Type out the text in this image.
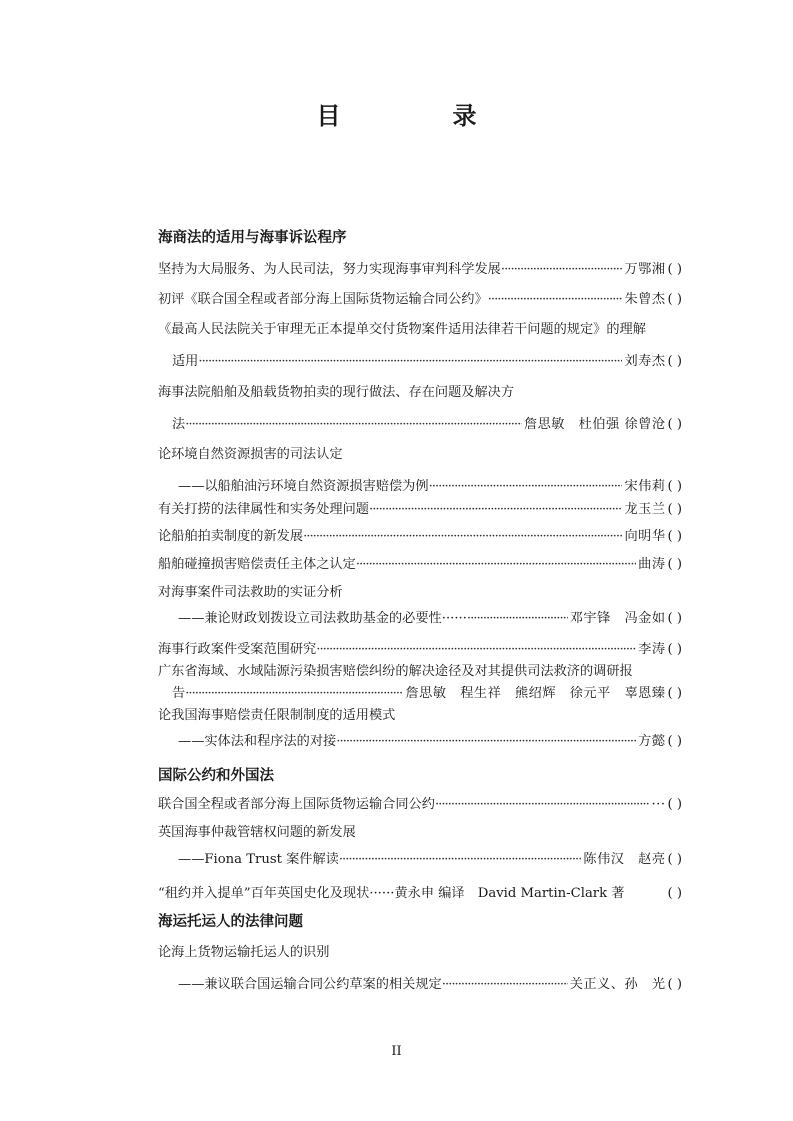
目　录
海商法的适用与海事诉讼程序
坚持为大局服务、为人民司法，努力实现海事审判科学发展 ·····	万鄂湘 ( )
初评《联合国全程或者部分海上国际货物运输合同公约》 ·····	朱曾杰 ( )
《最高人民法院关于审理无正本提单交付货物案件适用法律若干问题的规定》的理解
适用 ·····	刘寿杰 ( )
海事法院船舶及船载货物拍卖的现行做法、存在问题及解决方
法 ·····	詹思敏　杜伯强 徐曾沧 ( )
论环境自然资源损害的司法认定
——以船舶油污环境自然资源损害赔偿为例 ·····	宋伟莉 ( )
有关打捞的法律属性和实务处理问题 ·····	龙玉兰 ( )
论船舶拍卖制度的新发展 ·····	向明华 ( )
船舶碰撞损害赔偿责任主体之认定 ·····	曲涛 ( )
对海事案件司法救助的实证分析
——兼论财政划拨设立司法救助基金的必要性······ ·····	邓宇锋　冯金如 ( )
海事行政案件受案范围研究 ·····	李涛 ( )
广东省海域、水域陆源污染损害赔偿纠纷的解决途径及对其提供司法救济的调研报
告 ·····	詹思敏　程生祥　熊绍辉　徐元平　辜恩臻 ( )
论我国海事赔偿责任限制制度的适用模式
——实体法和程序法的对接 ·····	方懿 ( )
国际公约和外国法
联合国全程或者部分海上国际货物运输合同公约 ·····	··· ( )
英国海事仲裁管辖权问题的新发展
——Fiona Trust 案件解读 ·····	陈伟汉　赵亮 ( )
“租约并入提单”百年英国史化及现状······黄永申 编译　David Martin-Clark 著	( )
海运托运人的法律问题
论海上货物运输托运人的识别
——兼议联合国运输合同公约草案的相关规定 ·····	关正义、孙　光 ( )
II
